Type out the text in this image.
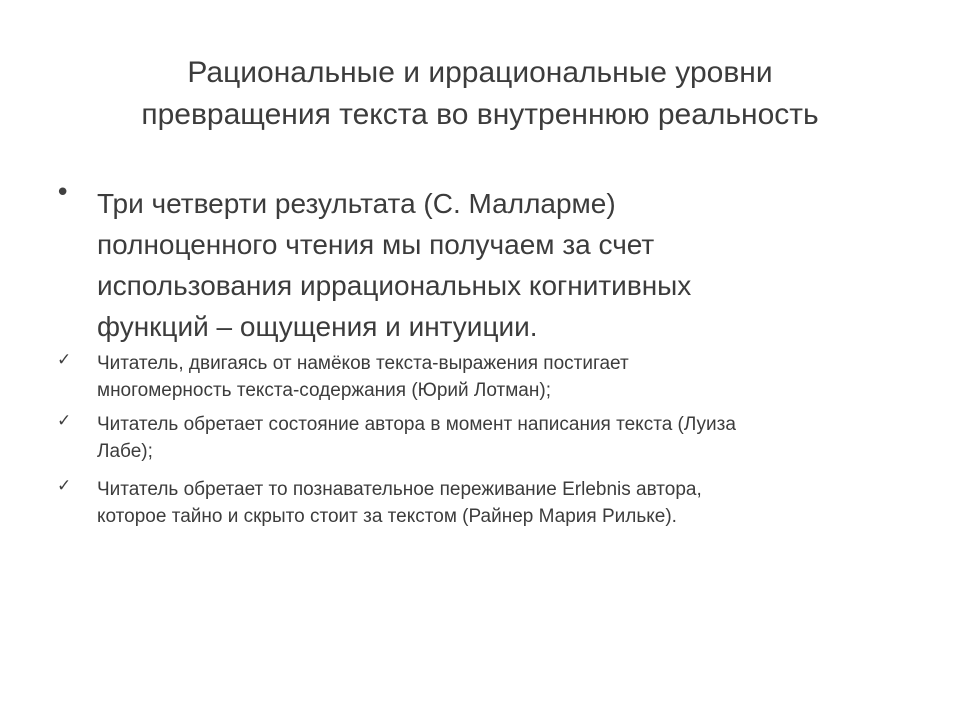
Рациональные и иррациональные уровни
превращения текста во внутреннюю реальность
• Три четверти результата (С. Малларме)
полноценного чтения мы получаем за счет
использования иррациональных когнитивных
функций – ощущения и интуиции.
✓ Читатель, двигаясь от намёков текста-выражения постигает
многомерность текста-содержания (Юрий Лотман);
✓ Читатель обретает состояние автора в момент написания текста (Луиза
Лабе);
✓ Читатель обретает то познавательное переживание Erlebnis автора,
которое тайно и скрыто стоит за текстом (Райнер Мария Рильке).
